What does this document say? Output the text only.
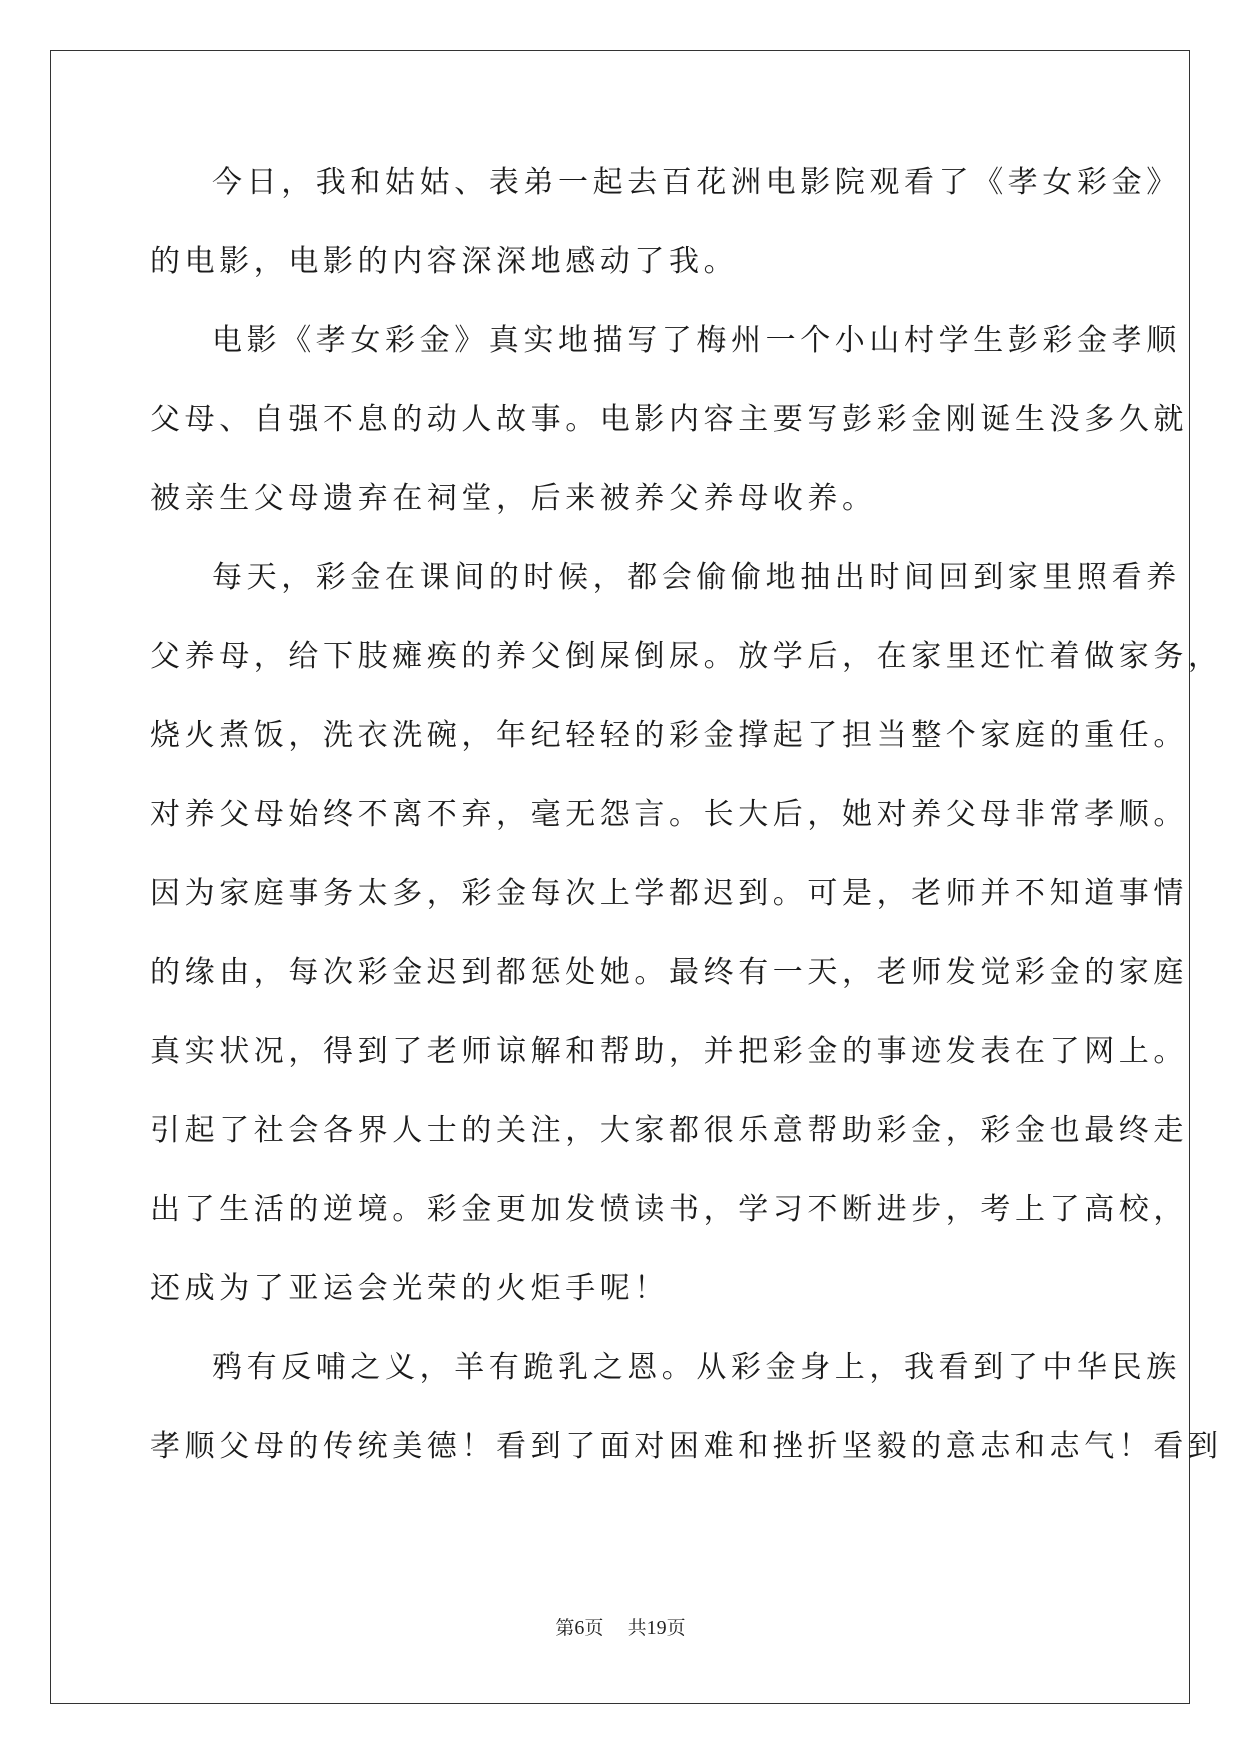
今日，我和姑姑、表弟一起去百花洲电影院观看了《孝女彩金》
的电影，电影的内容深深地感动了我。
电影《孝女彩金》真实地描写了梅州一个小山村学生彭彩金孝顺
父母、自强不息的动人故事。电影内容主要写彭彩金刚诞生没多久就
被亲生父母遗弃在祠堂，后来被养父养母收养。
每天，彩金在课间的时候，都会偷偷地抽出时间回到家里照看养
父养母，给下肢瘫痪的养父倒屎倒尿。放学后，在家里还忙着做家务，
烧火煮饭，洗衣洗碗，年纪轻轻的彩金撑起了担当整个家庭的重任。
对养父母始终不离不弃，毫无怨言。长大后，她对养父母非常孝顺。
因为家庭事务太多，彩金每次上学都迟到。可是，老师并不知道事情
的缘由，每次彩金迟到都惩处她。最终有一天，老师发觉彩金的家庭
真实状况，得到了老师谅解和帮助，并把彩金的事迹发表在了网上。
引起了社会各界人士的关注，大家都很乐意帮助彩金，彩金也最终走
出了生活的逆境。彩金更加发愤读书，学习不断进步，考上了高校，
还成为了亚运会光荣的火炬手呢！
鸦有反哺之义，羊有跪乳之恩。从彩金身上，我看到了中华民族
孝顺父母的传统美德！看到了面对困难和挫折坚毅的意志和志气！看到
第6页 共19页
